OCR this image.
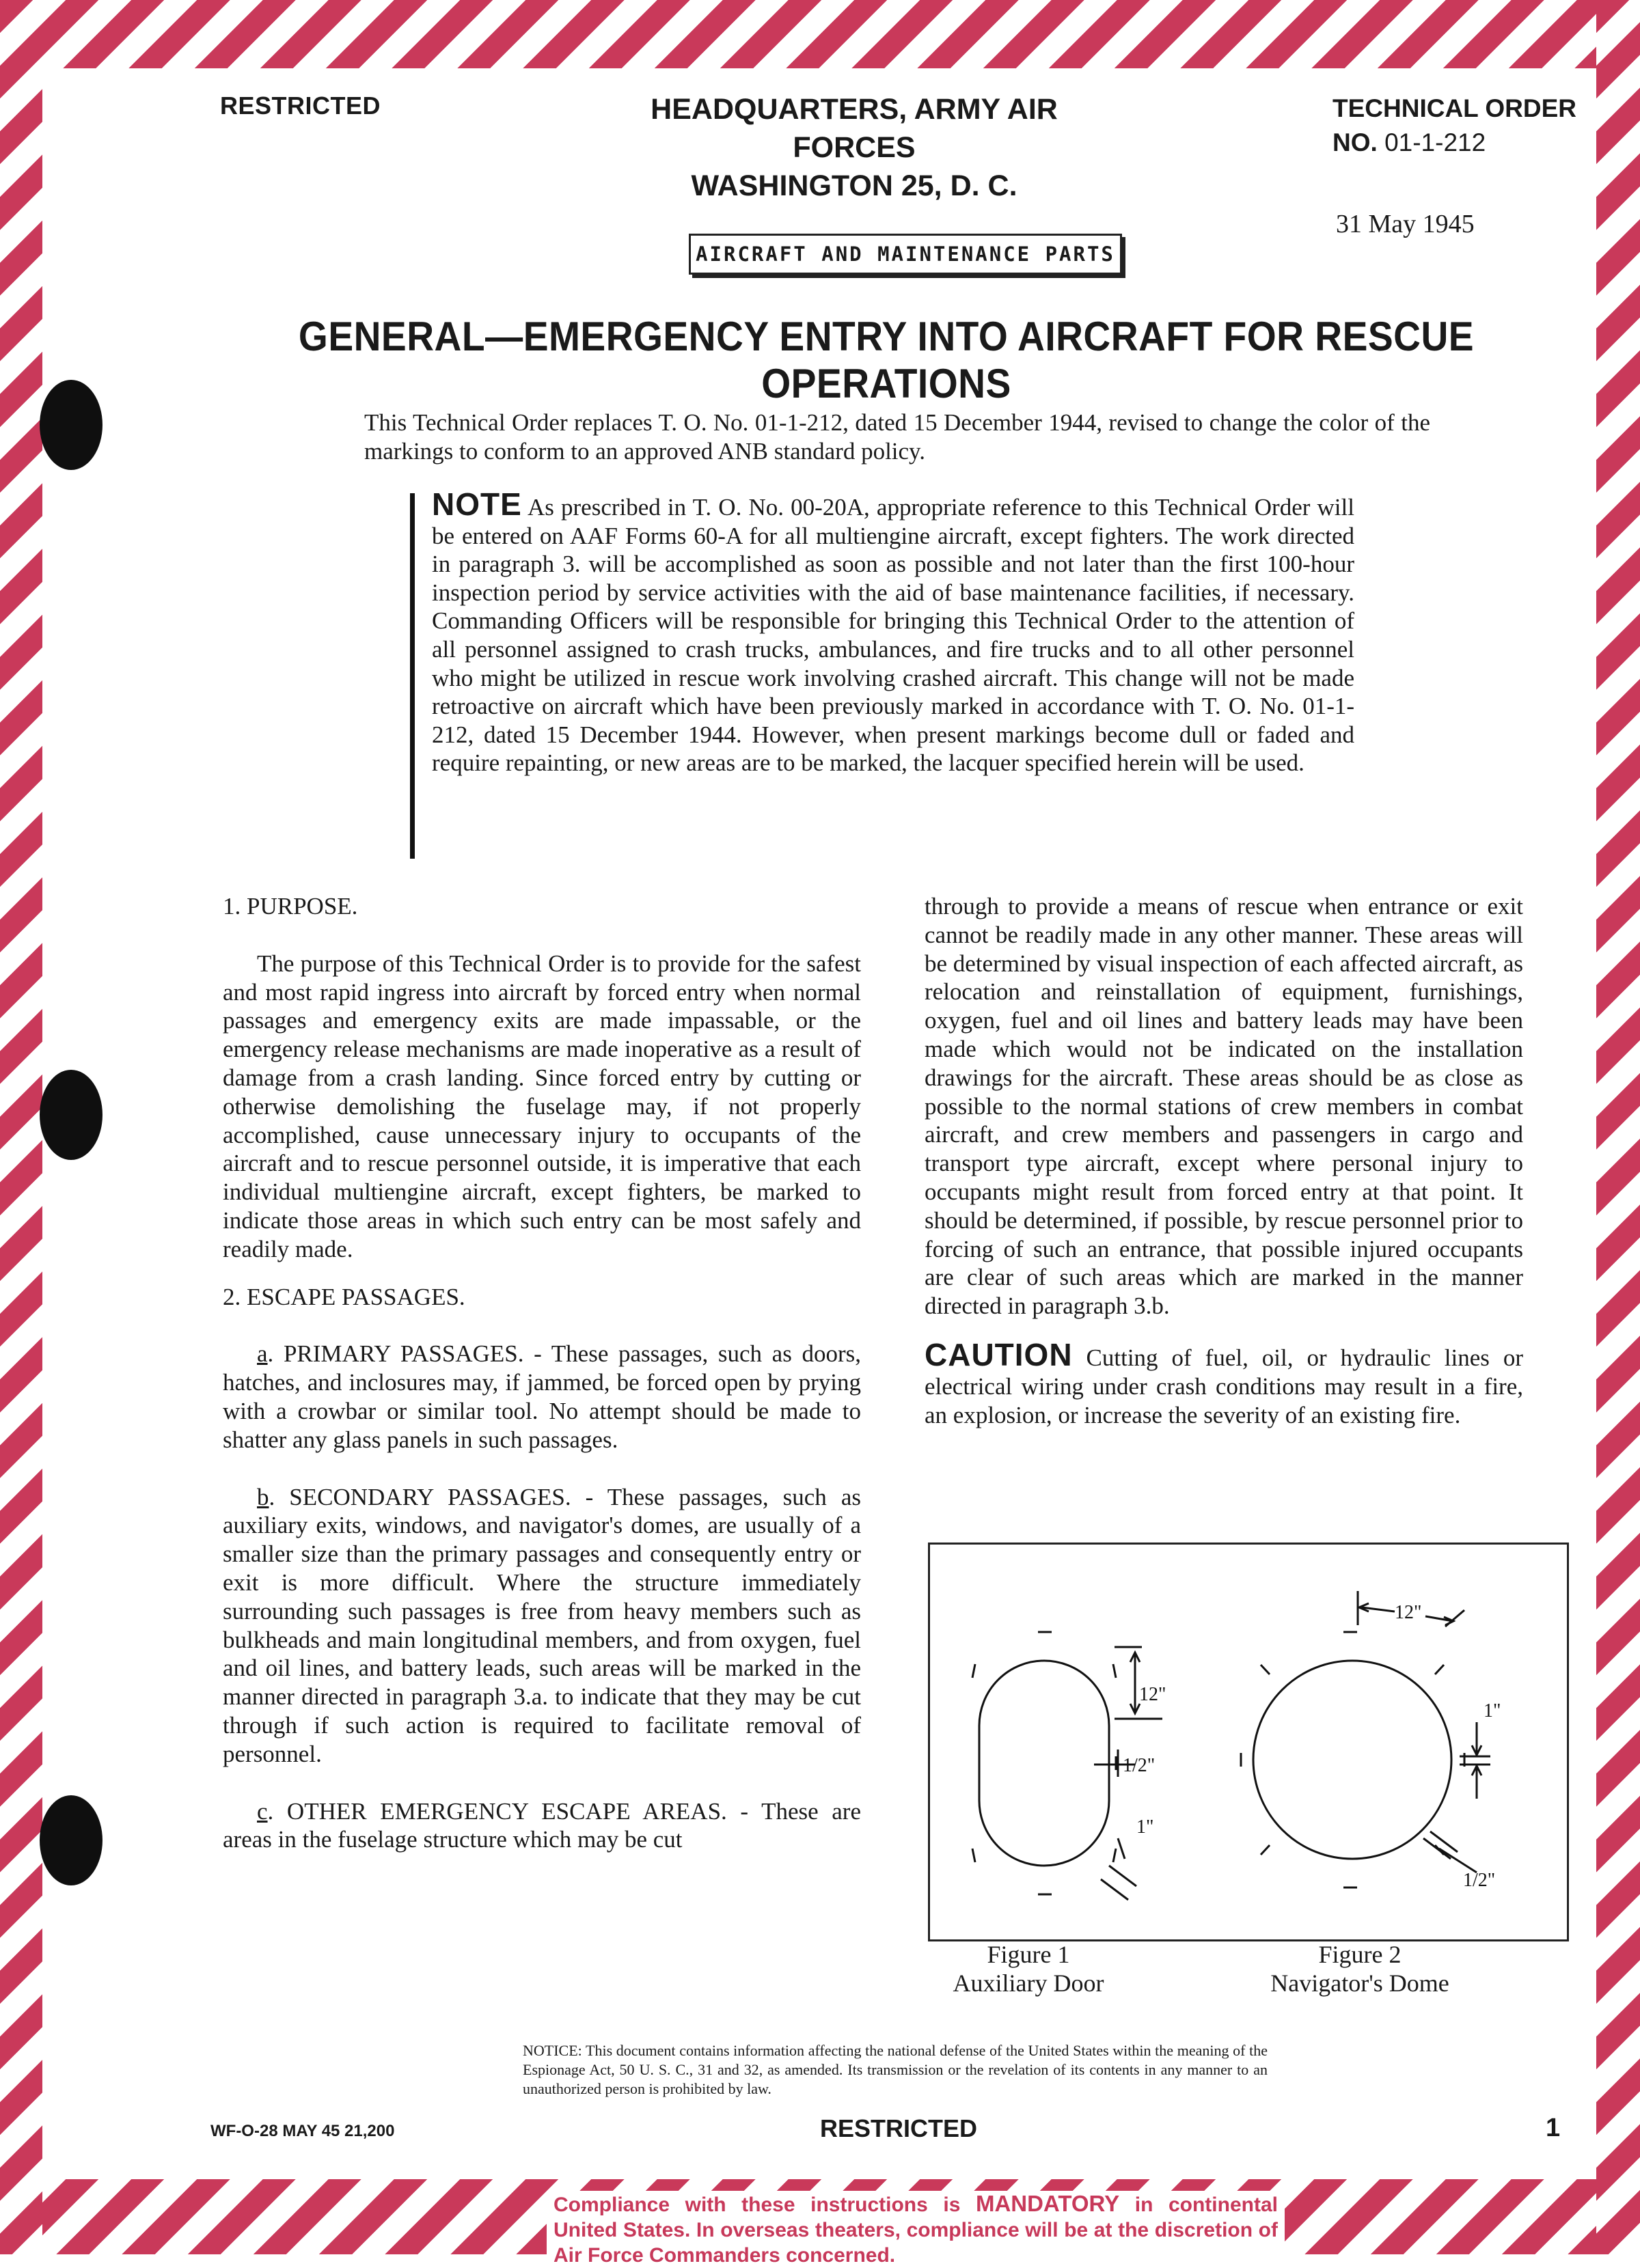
RESTRICTED	HEADQUARTERS, ARMY AIR FORCES
WASHINGTON 25, D. C.
TECHNICAL ORDER
NO. 01-1-212
31 May 1945
AIRCRAFT AND MAINTENANCE PARTS
GENERAL—EMERGENCY ENTRY INTO AIRCRAFT FOR RESCUE OPERATIONS
This Technical Order replaces T. O. No. 01-1-212, dated 15 December 1944, revised to change the color of the markings to conform to an approved ANB standard policy.
NOTE As prescribed in T. O. No. 00-20A, appropriate reference to this Technical Order will be entered on AAF Forms 60-A for all multiengine aircraft, except fighters. The work directed in paragraph 3. will be accomplished as soon as possible and not later than the first 100-hour inspection period by service activities with the aid of base maintenance facilities, if necessary. Commanding Officers will be responsible for bringing this Technical Order to the attention of all personnel assigned to crash trucks, ambulances, and fire trucks and to all other personnel who might be utilized in rescue work involving crashed aircraft. This change will not be made retroactive on aircraft which have been previously marked in accordance with T. O. No. 01-1-212, dated 15 December 1944. However, when present markings become dull or faded and require repainting, or new areas are to be marked, the lacquer specified herein will be used.

1. PURPOSE.

The purpose of this Technical Order is to provide for the safest and most rapid ingress into aircraft by forced entry when normal passages and emergency exits are made impassable, or the emergency release mechanisms are made inoperative as a result of damage from a crash landing. Since forced entry by cutting or otherwise demolishing the fuselage may, if not properly accomplished, cause unnecessary injury to occupants of the aircraft and to rescue personnel outside, it is imperative that each individual multiengine aircraft, except fighters, be marked to indicate those areas in which such entry can be most safely and readily made.

2. ESCAPE PASSAGES.

a. PRIMARY PASSAGES. - These passages, such as doors, hatches, and inclosures may, if jammed, be forced open by prying with a crowbar or similar tool. No attempt should be made to shatter any glass panels in such passages.

b. SECONDARY PASSAGES. - These passages, such as auxiliary exits, windows, and navigator's domes, are usually of a smaller size than the primary passages and consequently entry or exit is more difficult. Where the structure immediately surrounding such passages is free from heavy members such as bulkheads and main longitudinal members, and from oxygen, fuel and oil lines, and battery leads, such areas will be marked in the manner directed in paragraph 3.a. to indicate that they may be cut through if such action is required to facilitate removal of personnel.

c. OTHER EMERGENCY ESCAPE AREAS. - These are areas in the fuselage structure which may be cut

through to provide a means of rescue when entrance or exit cannot be readily made in any other manner. These areas will be determined by visual inspection of each affected aircraft, as relocation and reinstallation of equipment, furnishings, oxygen, fuel and oil lines and battery leads may have been made which would not be indicated on the installation drawings for the aircraft. These areas should be as close as possible to the normal stations of crew members in combat aircraft, and crew members and passengers in cargo and transport type aircraft, except where personal injury to occupants might result from forced entry at that point. It should be determined, if possible, by rescue personnel prior to forcing of such an entrance, that possible injured occupants are clear of such areas which are marked in the manner directed in paragraph 3.b.

CAUTION Cutting of fuel, oil, or hydraulic lines or electrical wiring under crash conditions may result in a fire, an explosion, or increase the severity of an existing fire.

12"
1/2"
1"
12"
1"
1/2"
Figure 1
Auxiliary Door
Figure 2
Navigator's Dome
NOTICE: This document contains information affecting the national defense of the United States within the meaning of the Espionage Act, 50 U. S. C., 31 and 32, as amended. Its transmission or the revelation of its contents in any manner to an unauthorized person is prohibited by law.
WF-O-28 MAY 45 21,200	RESTRICTED	1
Compliance with these instructions is MANDATORY in continental United States. In overseas theaters, compliance will be at the discretion of Air Force Commanders concerned.
